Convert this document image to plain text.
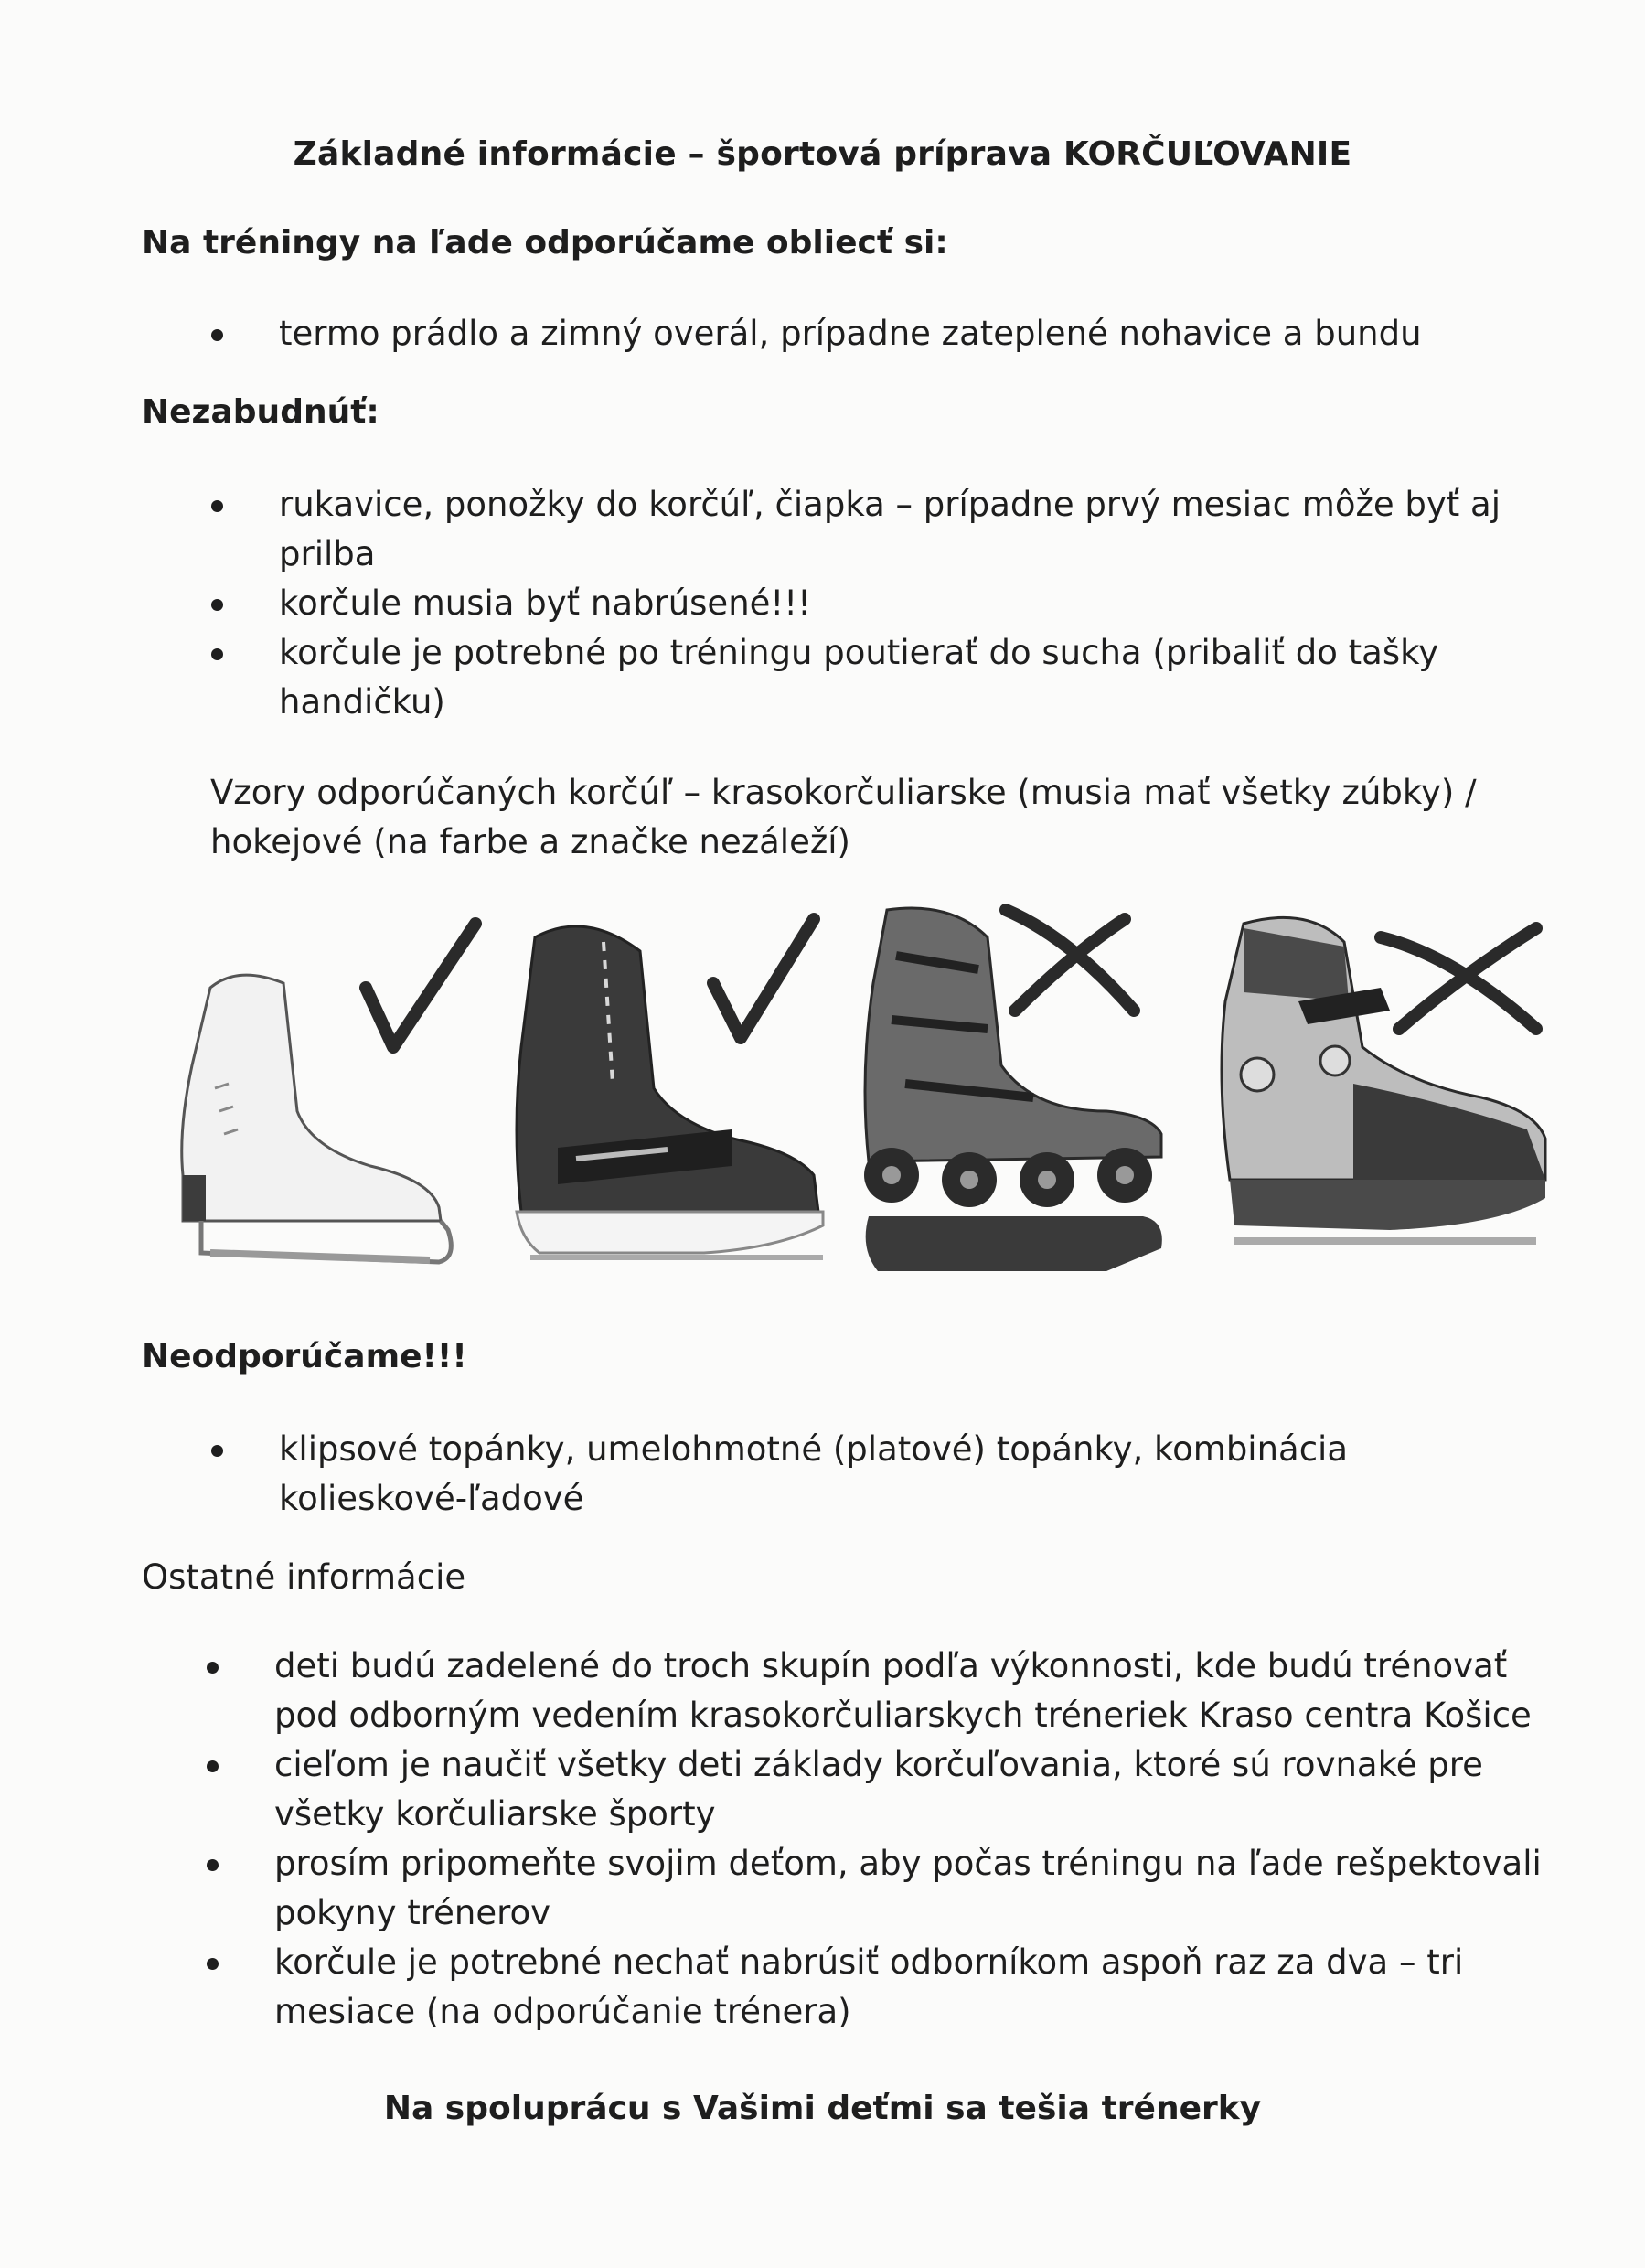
Základné informácie – športová príprava KORČUĽOVANIE

Na tréningy na ľade odporúčame obliecť si:

termo prádlo a zimný overál, prípadne zateplené nohavice a bundu

Nezabudnúť:

rukavice, ponožky do korčúľ, čiapka – prípadne prvý mesiac môže byť aj prilba
korčule musia byť nabrúsené!!!
korčule je potrebné po tréningu poutierať do sucha (pribaliť do tašky handičku)

Vzory odporúčaných korčúľ – krasokorčuliarske (musia mať všetky zúbky) / hokejové (na farbe a značke nezáleží)

Neodporúčame!!!

klipsové topánky, umelohmotné (platové) topánky, kombinácia kolieskové-ľadové

Ostatné informácie

deti budú zadelené do troch skupín podľa výkonnosti, kde budú trénovať pod odborným vedením krasokorčuliarskych tréneriek Kraso centra Košice
cieľom je naučiť všetky deti základy korčuľovania, ktoré sú rovnaké pre všetky korčuliarske športy
prosím pripomeňte svojim deťom, aby počas tréningu na ľade rešpektovali pokyny trénerov
korčule je potrebné nechať nabrúsiť odborníkom aspoň raz za dva – tri mesiace (na odporúčanie trénera)

Na spoluprácu s Vašimi deťmi sa tešia trénerky
